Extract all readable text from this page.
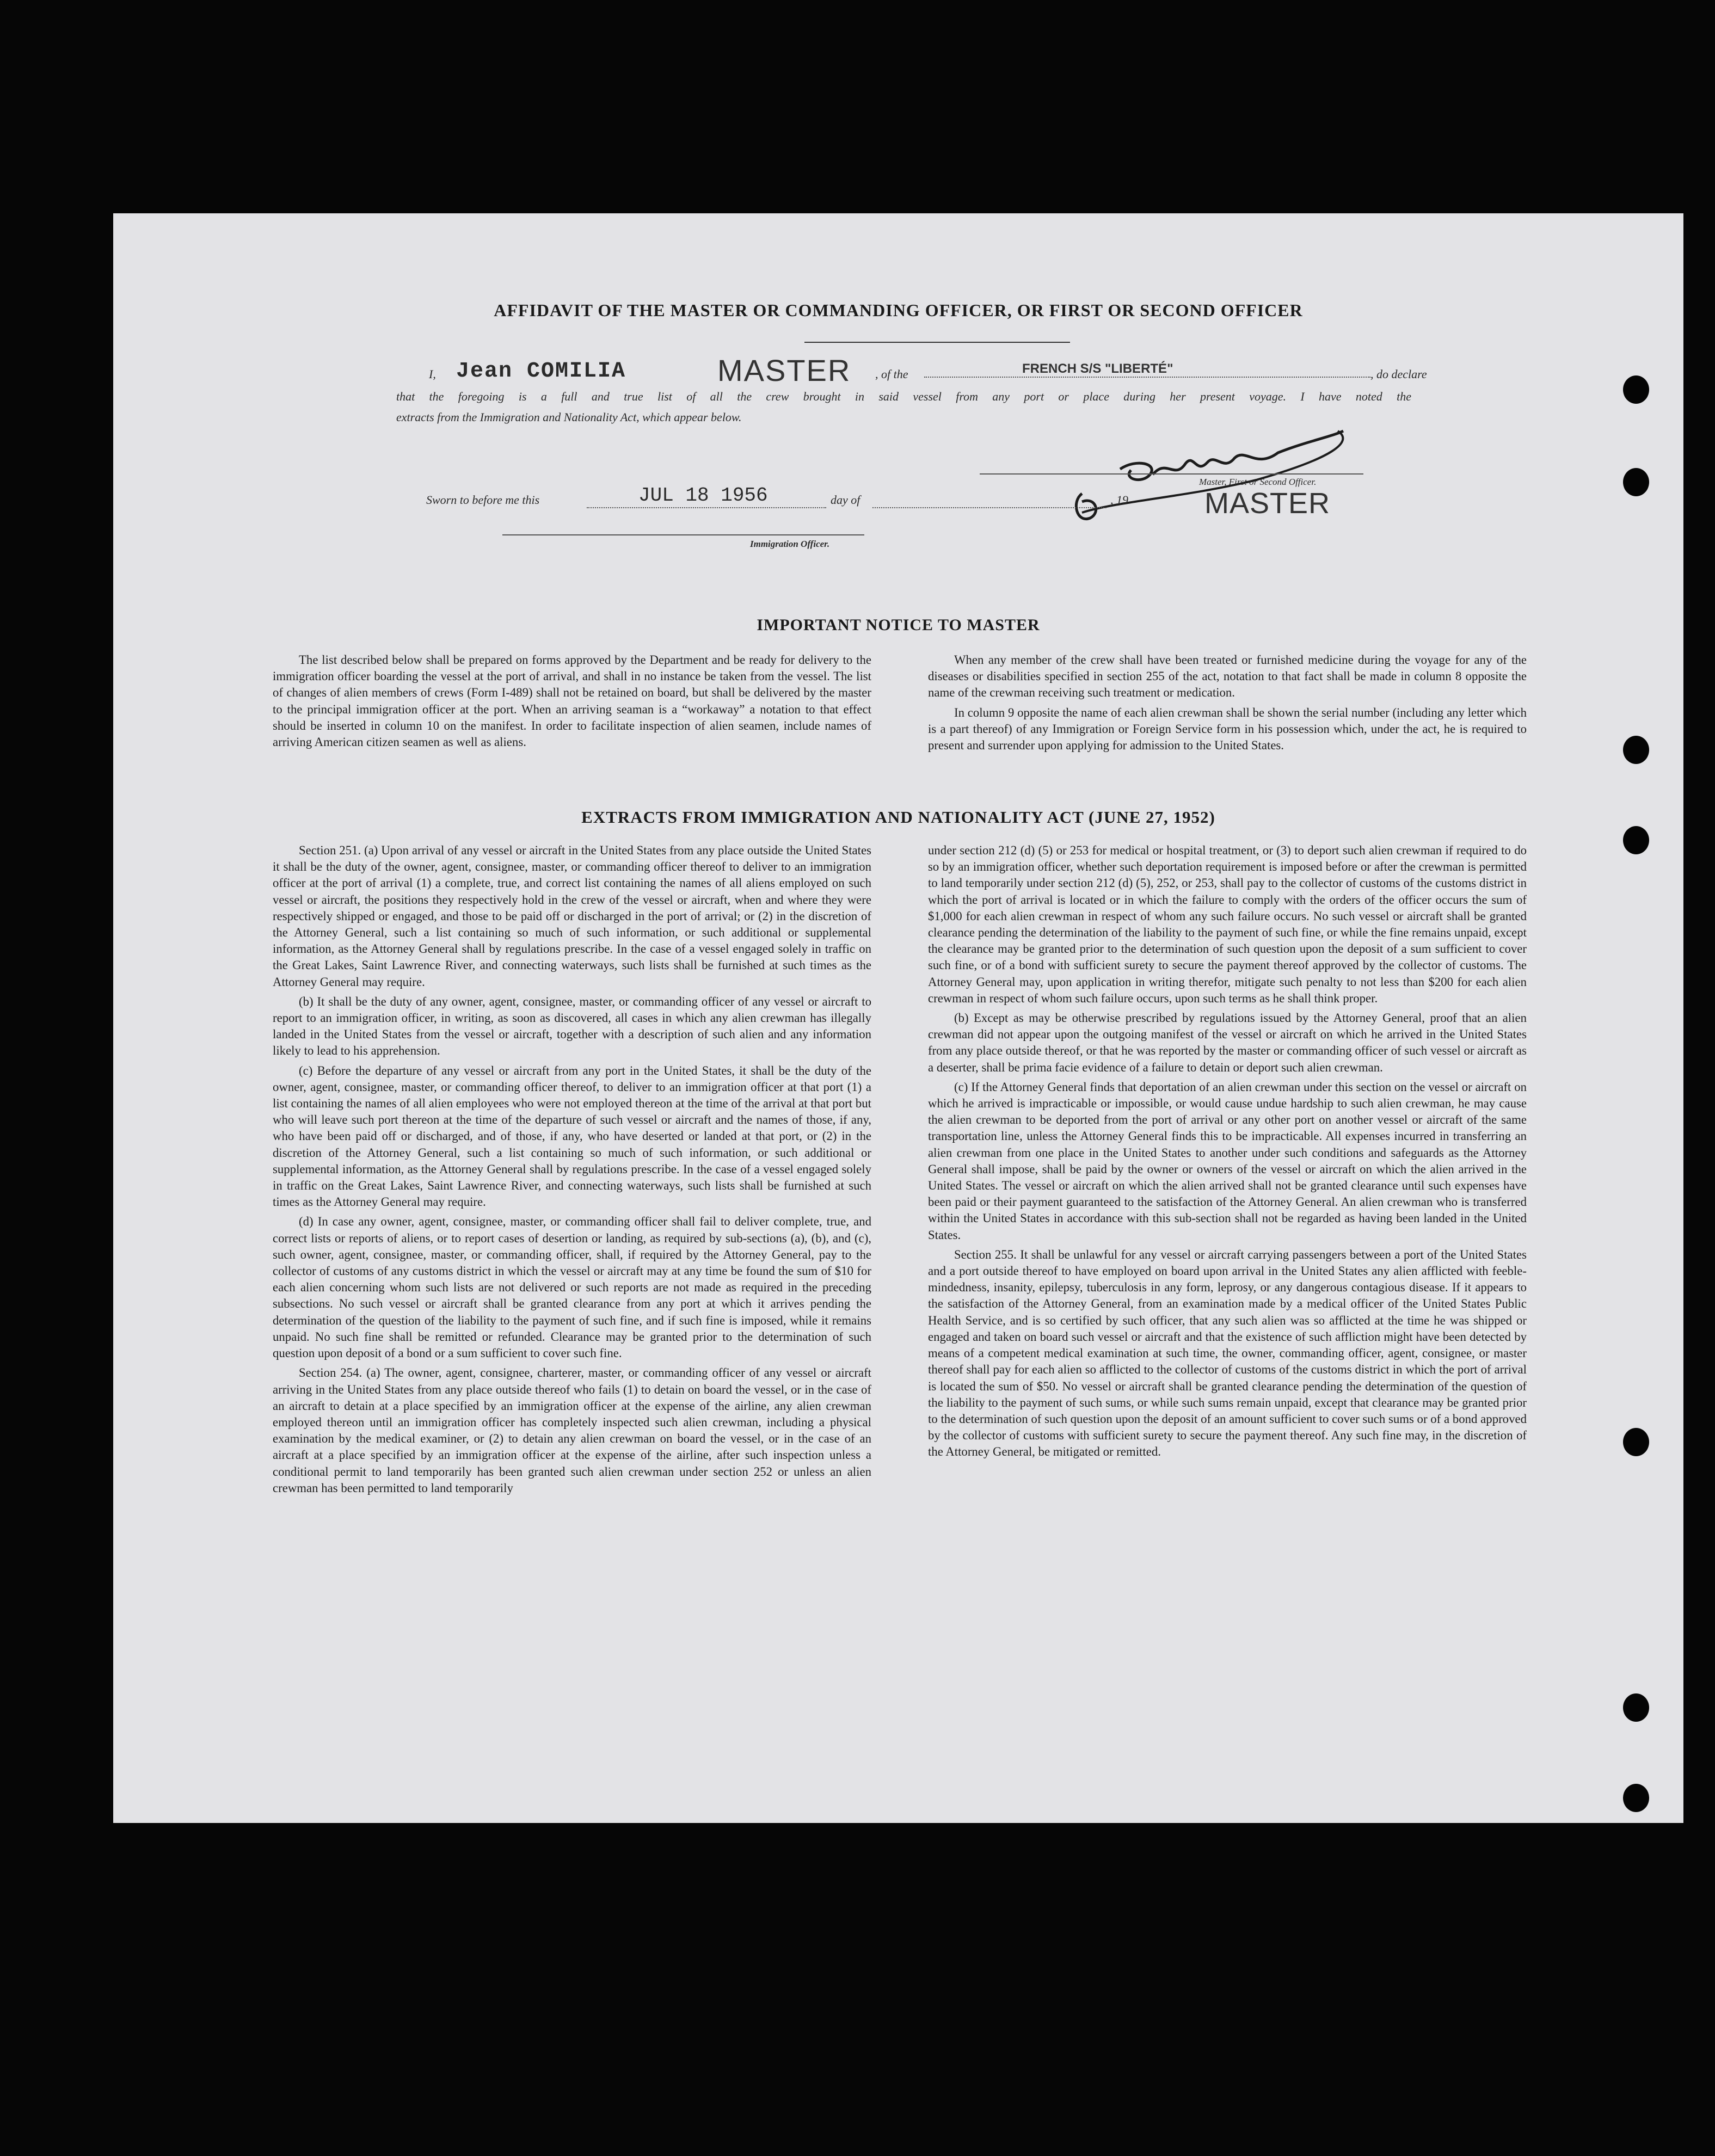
AFFIDAVIT OF THE MASTER OR COMMANDING OFFICER, OR FIRST OR SECOND OFFICER
I, Jean COMILIA	MASTER , of the	FRENCH S/S "LIBERTÉ"	, do declare
that the foregoing is a full and true list of all the crew brought in said vessel from any port or place during her present voyage. I have noted the
extracts from the Immigration and Nationality Act, which appear below.
Sworn to before me this	JUL 18 1956	day of	, 19
Master, First or Second Officer.
MASTER
Immigration Officer.
IMPORTANT NOTICE TO MASTER

The list described below shall be prepared on forms approved by the Department and be ready for delivery to the immigration officer boarding the vessel at the port of arrival, and shall in no instance be taken from the vessel. The list of changes of alien members of crews (Form I-489) shall not be retained on board, but shall be delivered by the master to the principal immigration officer at the port. When an arriving seaman is a “workaway” a notation to that effect should be inserted in column 10 on the manifest. In order to facilitate inspection of alien seamen, include names of arriving American citizen seamen as well as aliens.

When any member of the crew shall have been treated or furnished medicine during the voyage for any of the diseases or disabilities specified in section 255 of the act, notation to that fact shall be made in column 8 opposite the name of the crewman receiving such treatment or medication.

In column 9 opposite the name of each alien crewman shall be shown the serial number (including any letter which is a part thereof) of any Immigration or Foreign Service form in his possession which, under the act, he is required to present and surrender upon applying for admission to the United States.

EXTRACTS FROM IMMIGRATION AND NATIONALITY ACT (JUNE 27, 1952)

Section 251. (a) Upon arrival of any vessel or aircraft in the United States from any place outside the United States it shall be the duty of the owner, agent, consignee, master, or commanding officer thereof to deliver to an immigration officer at the port of arrival (1) a complete, true, and correct list containing the names of all aliens employed on such vessel or aircraft, the positions they respectively hold in the crew of the vessel or aircraft, when and where they were respectively shipped or engaged, and those to be paid off or discharged in the port of arrival; or (2) in the discretion of the Attorney General, such a list containing so much of such information, or such additional or supplemental information, as the Attorney General shall by regulations prescribe. In the case of a vessel engaged solely in traffic on the Great Lakes, Saint Lawrence River, and connecting waterways, such lists shall be furnished at such times as the Attorney General may require.

(b) It shall be the duty of any owner, agent, consignee, master, or commanding officer of any vessel or aircraft to report to an immigration officer, in writing, as soon as discovered, all cases in which any alien crewman has illegally landed in the United States from the vessel or aircraft, together with a description of such alien and any information likely to lead to his apprehension.

(c) Before the departure of any vessel or aircraft from any port in the United States, it shall be the duty of the owner, agent, consignee, master, or commanding officer thereof, to deliver to an immigration officer at that port (1) a list containing the names of all alien employees who were not employed thereon at the time of the arrival at that port but who will leave such port thereon at the time of the departure of such vessel or aircraft and the names of those, if any, who have been paid off or discharged, and of those, if any, who have deserted or landed at that port, or (2) in the discretion of the Attorney General, such a list containing so much of such information, or such additional or supplemental information, as the Attorney General shall by regulations prescribe. In the case of a vessel engaged solely in traffic on the Great Lakes, Saint Lawrence River, and connecting waterways, such lists shall be furnished at such times as the Attorney General may require.

(d) In case any owner, agent, consignee, master, or commanding officer shall fail to deliver complete, true, and correct lists or reports of aliens, or to report cases of desertion or landing, as required by sub-sections (a), (b), and (c), such owner, agent, consignee, master, or commanding officer, shall, if required by the Attorney General, pay to the collector of customs of any customs district in which the vessel or aircraft may at any time be found the sum of $10 for each alien concerning whom such lists are not delivered or such reports are not made as required in the preceding subsections. No such vessel or aircraft shall be granted clearance from any port at which it arrives pending the determination of the question of the liability to the payment of such fine, and if such fine is imposed, while it remains unpaid. No such fine shall be remitted or refunded. Clearance may be granted prior to the determination of such question upon deposit of a bond or a sum sufficient to cover such fine.

Section 254. (a) The owner, agent, consignee, charterer, master, or commanding officer of any vessel or aircraft arriving in the United States from any place outside thereof who fails (1) to detain on board the vessel, or in the case of an aircraft to detain at a place specified by an immigration officer at the expense of the airline, any alien crewman employed thereon until an immigration officer has completely inspected such alien crewman, including a physical examination by the medical examiner, or (2) to detain any alien crewman on board the vessel, or in the case of an aircraft at a place specified by an immigration officer at the expense of the airline, after such inspection unless a conditional permit to land temporarily has been granted such alien crewman under section 252 or unless an alien crewman has been permitted to land temporarily

under section 212 (d) (5) or 253 for medical or hospital treatment, or (3) to deport such alien crewman if required to do so by an immigration officer, whether such deportation requirement is imposed before or after the crewman is permitted to land temporarily under section 212 (d) (5), 252, or 253, shall pay to the collector of customs of the customs district in which the port of arrival is located or in which the failure to comply with the orders of the officer occurs the sum of $1,000 for each alien crewman in respect of whom any such failure occurs. No such vessel or aircraft shall be granted clearance pending the determination of the liability to the payment of such fine, or while the fine remains unpaid, except the clearance may be granted prior to the determination of such question upon the deposit of a sum sufficient to cover such fine, or of a bond with sufficient surety to secure the payment thereof approved by the collector of customs. The Attorney General may, upon application in writing therefor, mitigate such penalty to not less than $200 for each alien crewman in respect of whom such failure occurs, upon such terms as he shall think proper.

(b) Except as may be otherwise prescribed by regulations issued by the Attorney General, proof that an alien crewman did not appear upon the outgoing manifest of the vessel or aircraft on which he arrived in the United States from any place outside thereof, or that he was reported by the master or commanding officer of such vessel or aircraft as a deserter, shall be prima facie evidence of a failure to detain or deport such alien crewman.

(c) If the Attorney General finds that deportation of an alien crewman under this section on the vessel or aircraft on which he arrived is impracticable or impossible, or would cause undue hardship to such alien crewman, he may cause the alien crewman to be deported from the port of arrival or any other port on another vessel or aircraft of the same transportation line, unless the Attorney General finds this to be impracticable. All expenses incurred in transferring an alien crewman from one place in the United States to another under such conditions and safeguards as the Attorney General shall impose, shall be paid by the owner or owners of the vessel or aircraft on which the alien arrived in the United States. The vessel or aircraft on which the alien arrived shall not be granted clearance until such expenses have been paid or their payment guaranteed to the satisfaction of the Attorney General. An alien crewman who is transferred within the United States in accordance with this sub-section shall not be regarded as having been landed in the United States.

Section 255. It shall be unlawful for any vessel or aircraft carrying passengers between a port of the United States and a port outside thereof to have employed on board upon arrival in the United States any alien afflicted with feeble-mindedness, insanity, epilepsy, tuberculosis in any form, leprosy, or any dangerous contagious disease. If it appears to the satisfaction of the Attorney General, from an examination made by a medical officer of the United States Public Health Service, and is so certified by such officer, that any such alien was so afflicted at the time he was shipped or engaged and taken on board such vessel or aircraft and that the existence of such affliction might have been detected by means of a competent medical examination at such time, the owner, commanding officer, agent, consignee, or master thereof shall pay for each alien so afflicted to the collector of customs of the customs district in which the port of arrival is located the sum of $50. No vessel or aircraft shall be granted clearance pending the determination of the question of the liability to the payment of such sums, or while such sums remain unpaid, except that clearance may be granted prior to the determination of such question upon the deposit of an amount sufficient to cover such sums or of a bond approved by the collector of customs with sufficient surety to secure the payment thereof. Any such fine may, in the discretion of the Attorney General, be mitigated or remitted.
